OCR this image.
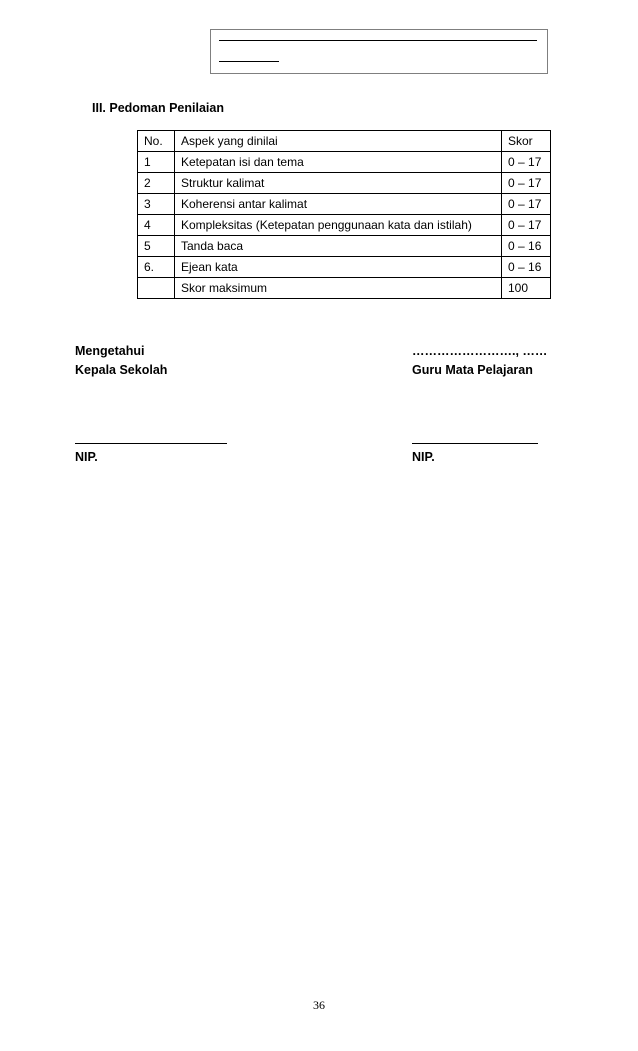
III. Pedoman Penilaian
No.	Aspek yang dinilai	Skor
1	Ketepatan isi dan tema	0 – 17
2	Struktur kalimat	0 – 17
3	Koherensi antar kalimat	0 – 17
4	Kompleksitas (Ketepatan penggunaan kata dan istilah)	0 – 17
5	Tanda baca	0 – 16
6.	Ejean kata	0 – 16
	Skor maksimum	100
Mengetahui
Kepala Sekolah
NIP.
……………………., ……
Guru Mata Pelajaran
NIP.
36
